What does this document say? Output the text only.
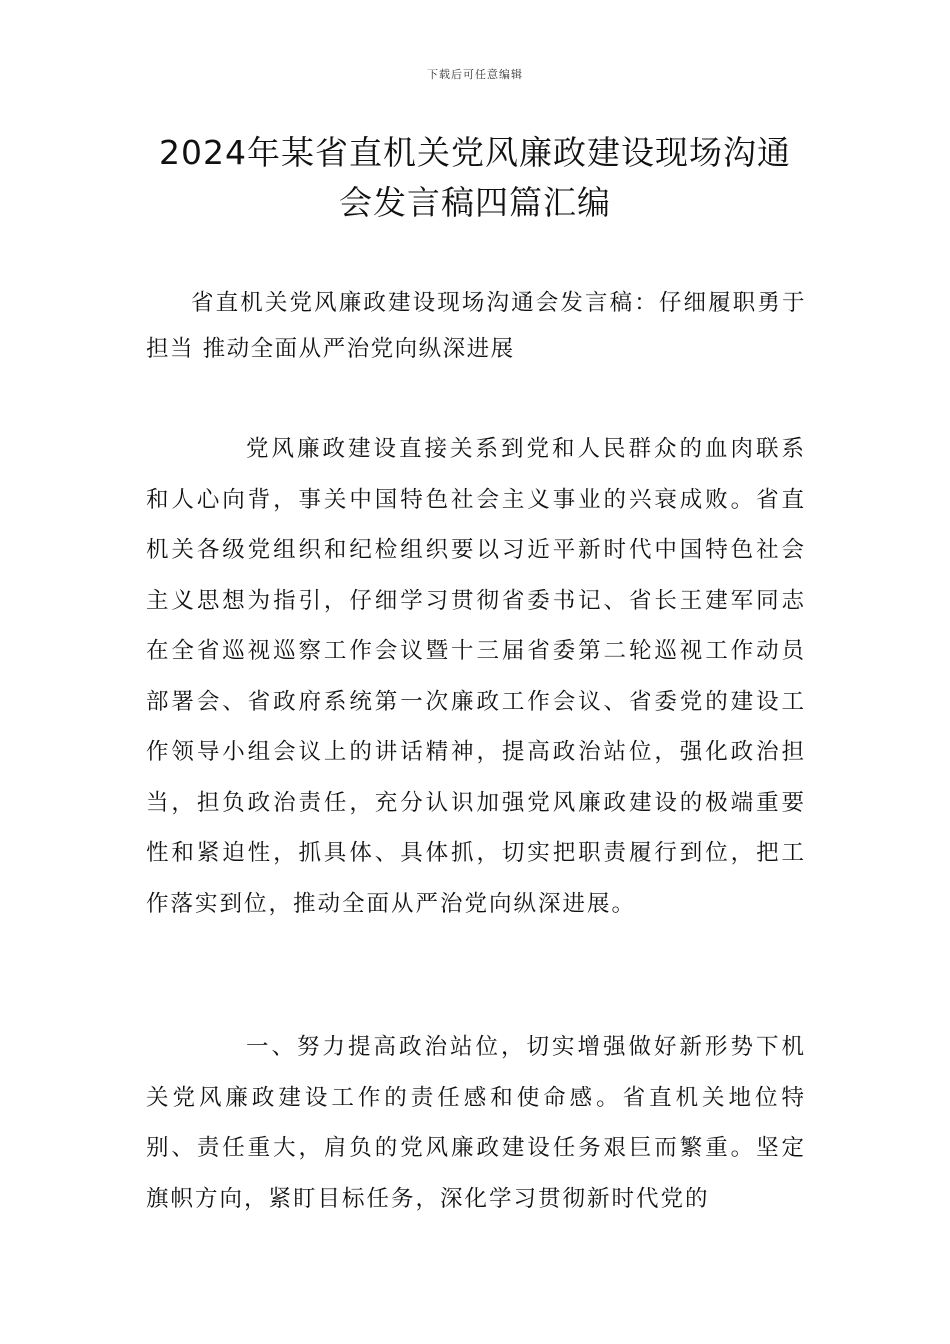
下载后可任意编辑
2024年某省直机关党风廉政建设现场沟通
会发言稿四篇汇编

省直机关党风廉政建设现场沟通会发言稿：仔细履职勇于担当 推动全面从严治党向纵深进展

党风廉政建设直接关系到党和人民群众的血肉联系和人心向背，事关中国特色社会主义事业的兴衰成败。省直机关各级党组织和纪检组织要以习近平新时代中国特色社会主义思想为指引，仔细学习贯彻省委书记、省长王建军同志在全省巡视巡察工作会议暨十三届省委第二轮巡视工作动员部署会、省政府系统第一次廉政工作会议、省委党的建设工作领导小组会议上的讲话精神，提高政治站位，强化政治担当，担负政治责任，充分认识加强党风廉政建设的极端重要性和紧迫性，抓具体、具体抓，切实把职责履行到位，把工作落实到位，推动全面从严治党向纵深进展。

一、努力提高政治站位，切实增强做好新形势下机关党风廉政建设工作的责任感和使命感。省直机关地位特别、责任重大，肩负的党风廉政建设任务艰巨而繁重。坚定旗帜方向，紧盯目标任务，深化学习贯彻新时代党的
